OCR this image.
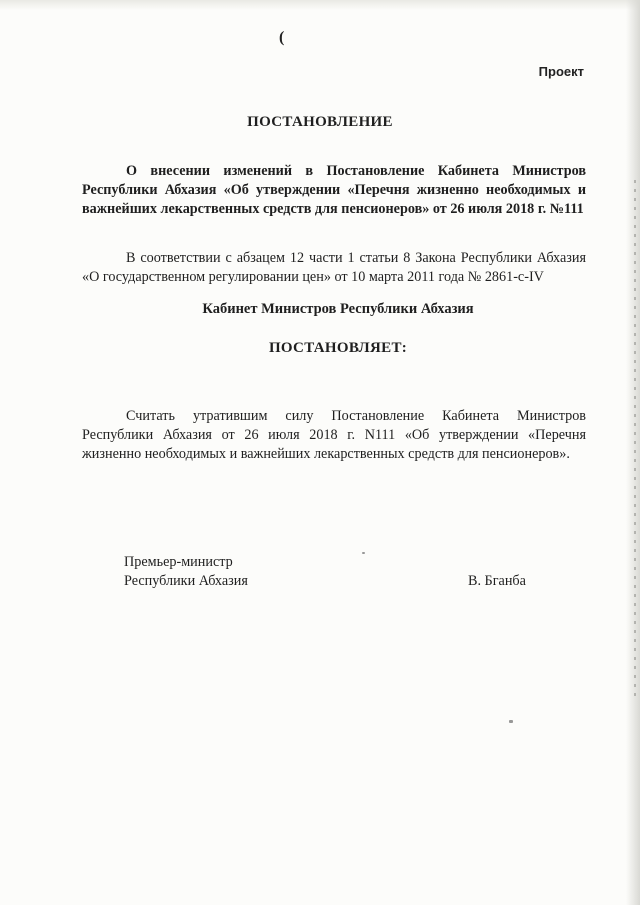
(
Проект
ПОСТАНОВЛЕНИЕ

О внесении изменений в Постановление Кабинета Министров Республики Абхазия «Об утверждении «Перечня жизненно необходимых и важнейших лекарственных средств для пенсионеров» от 26 июля 2018 г. №111

В соответствии с абзацем 12 части 1 статьи 8 Закона Республики Абхазия «О государственном регулировании цен» от 10 марта 2011 года № 2861-с-IV

Кабинет Министров Республики Абхазия
ПОСТАНОВЛЯЕТ:

Считать утратившим силу Постановление Кабинета Министров Республики Абхазия от 26 июля 2018 г. N111 «Об утверждении «Перечня жизненно необходимых и важнейших лекарственных средств для пенсионеров».

Премьер-министр
Республики Абхазия	В. Бганба
